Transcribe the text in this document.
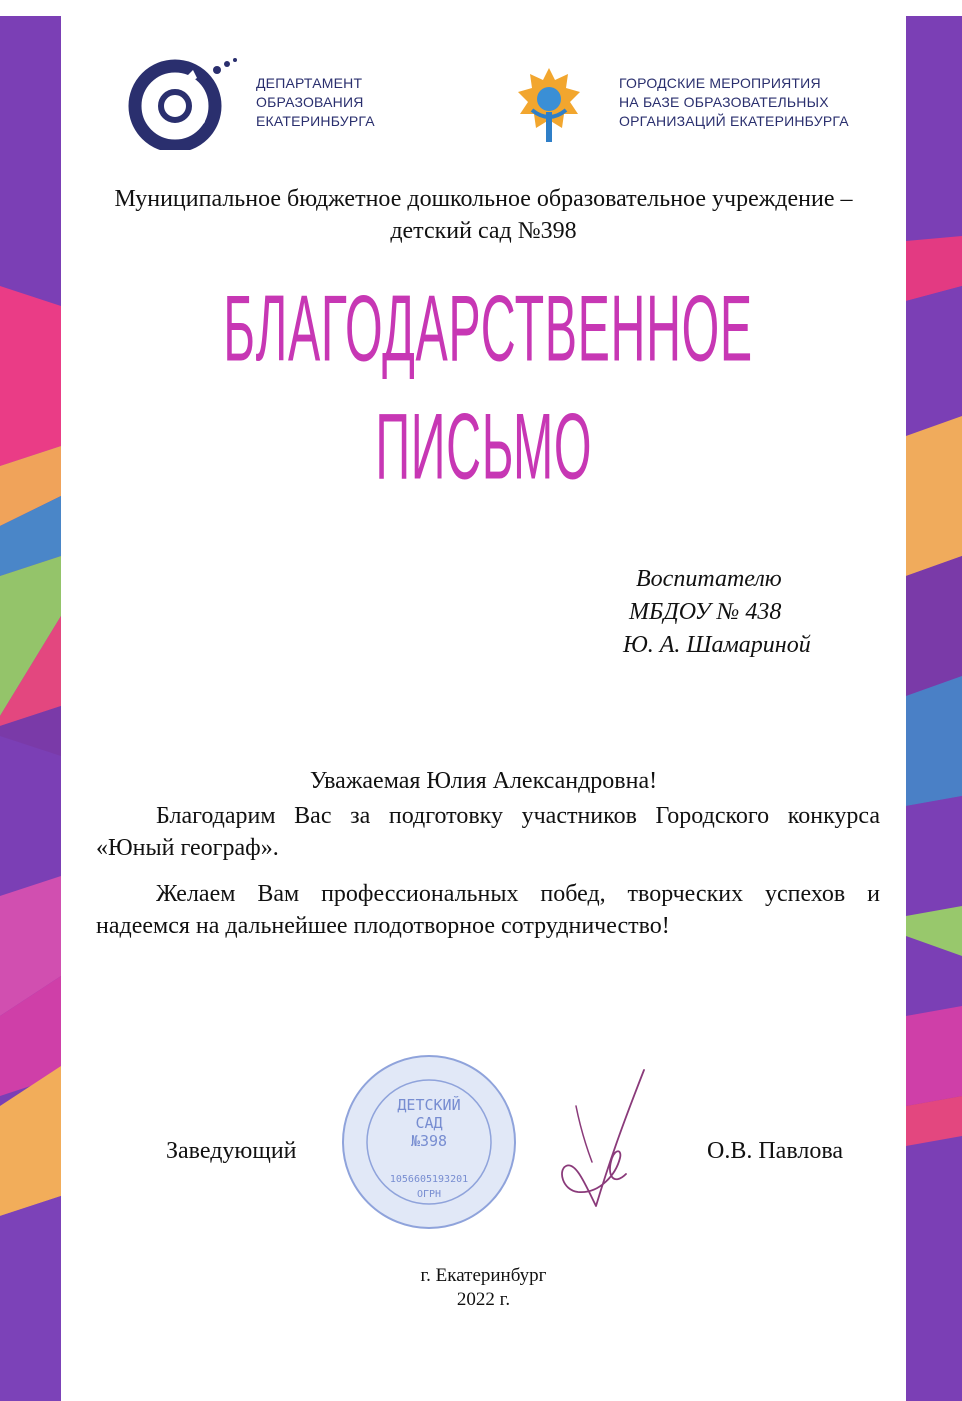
ДЕПАРТАМЕНТ
ОБРАЗОВАНИЯ
ЕКАТЕРИНБУРГА
ГОРОДСКИЕ МЕРОПРИЯТИЯ
НА БАЗЕ ОБРАЗОВАТЕЛЬНЫХ
ОРГАНИЗАЦИЙ ЕКАТЕРИНБУРГА
Муниципальное бюджетное дошкольное образовательное учреждение –
детский сад №398
БЛАГОДАРСТВЕННОЕ
ПИСЬМО
Воспитателю
МБДОУ № 438
Ю. А. Шамариной
Уважаемая Юлия Александровна!

Благодарим Вас за подготовку участников Городского конкурса «Юный географ».

Желаем Вам профессиональных побед, творческих успехов и надеемся на дальнейшее плодотворное сотрудничество!

Заведующий
ДЕТСКИЙ
САД
№398
1056605193201
ОГРН
О.В. Павлова
г. Екатеринбург
2022 г.
